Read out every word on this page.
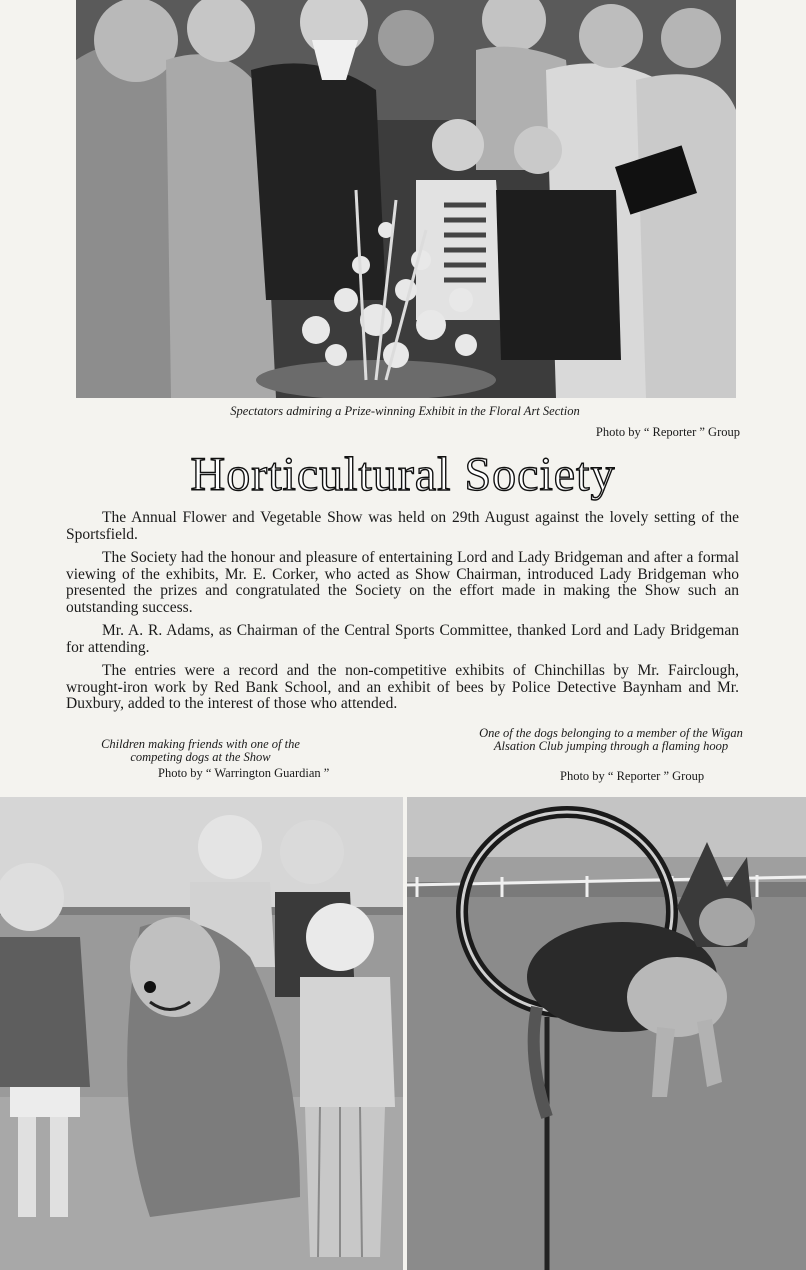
Spectators admiring a Prize-winning Exhibit in the Floral Art Section
Photo by “ Reporter ” Group
Horticultural Society

The Annual Flower and Vegetable Show was held on 29th August against the lovely setting of the Sportsfield.

The Society had the honour and pleasure of entertaining Lord and Lady Bridgeman and after a formal viewing of the exhibits, Mr. E. Corker, who acted as Show Chairman, introduced Lady Bridgeman who presented the prizes and congratulated the Society on the effort made in making the Show such an outstanding success.

Mr. A. R. Adams, as Chairman of the Central Sports Committee, thanked Lord and Lady Bridgeman for attending.

The entries were a record and the non-competitive exhibits of Chinchillas by Mr. Fairclough, wrought-iron work by Red Bank School, and an exhibit of bees by Police Detective Baynham and Mr. Duxbury, added to the interest of those who attended.

Children making friends with one of the
competing dogs at the Show
Photo by “ Warrington Guardian ”
One of the dogs belonging to a member of the Wigan Alsation Club jumping through a flaming hoop
Photo by “ Reporter ” Group
